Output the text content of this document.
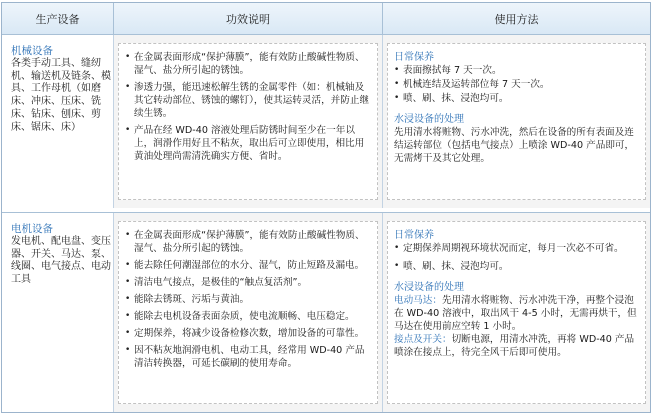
生产设备	功效说明	使用方法
机械设备
各类手动工具、缝纫机、输送机及链条、模具、工作母机（如磨床、冲床、压床、铣床、钻床、刨床、剪床、锯床、床）
• 在金属表面形成“保护薄膜”，能有效防止酸碱性物质、湿气、盐分所引起的锈蚀。
• 渗透力强，能迅速松解生锈的金属零件（如：机械轴及其它转动部位、锈蚀的螺钉），使其运转灵活，并防止继续生锈。
• 产品在经 WD-40 溶液处理后防锈时间至少在一年以上，润滑作用好且不粘灰，取出后可立即使用，相比用黄油处理尚需清洗确实方便、省时。
日常保养
• 表面擦拭每 7 天一次。
• 机械连结及运转部位每 7 天一次。
• 喷、刷、抹、浸泡均可。
水浸设备的处理
先用清水将赃物、污水冲洗，然后在设备的所有表面及连结运转部位（包括电气接点）上喷涂 WD-40 产品即可，无需烤干及其它处理。
电机设备
发电机、配电盘、变压器、开关、马达、泵、线圈、电气接点、电动工具
• 在金属表面形成“保护薄膜”，能有效防止酸碱性物质、湿气、盐分所引起的锈蚀。
• 能去除任何潮湿部位的水分、湿气，防止短路及漏电。
• 清洁电气接点，是极佳的“触点复活剂”。
• 能除去锈斑、污垢与黄油。
• 能除去电机设备表面杂质，使电流顺畅、电压稳定。
• 定期保养，将减少设备检修次数，增加设备的可靠性。
• 因不粘灰地润滑电机、电动工具，经常用 WD-40 产品清洁转换器，可延长碳刷的使用寿命。
日常保养
• 定期保养周期视环境状况而定，每月一次必不可省。
• 喷、刷、抹、浸泡均可。
水浸设备的处理
电动马达：先用清水将赃物、污水冲洗干净，再整个浸泡在 WD-40 溶液中，取出风干 4-5 小时，无需再烘干，但马达在使用前应空转 1 小时。
接点及开关：切断电源，用清水冲洗，再将 WD-40 产品喷涂在接点上，待完全风干后即可使用。
